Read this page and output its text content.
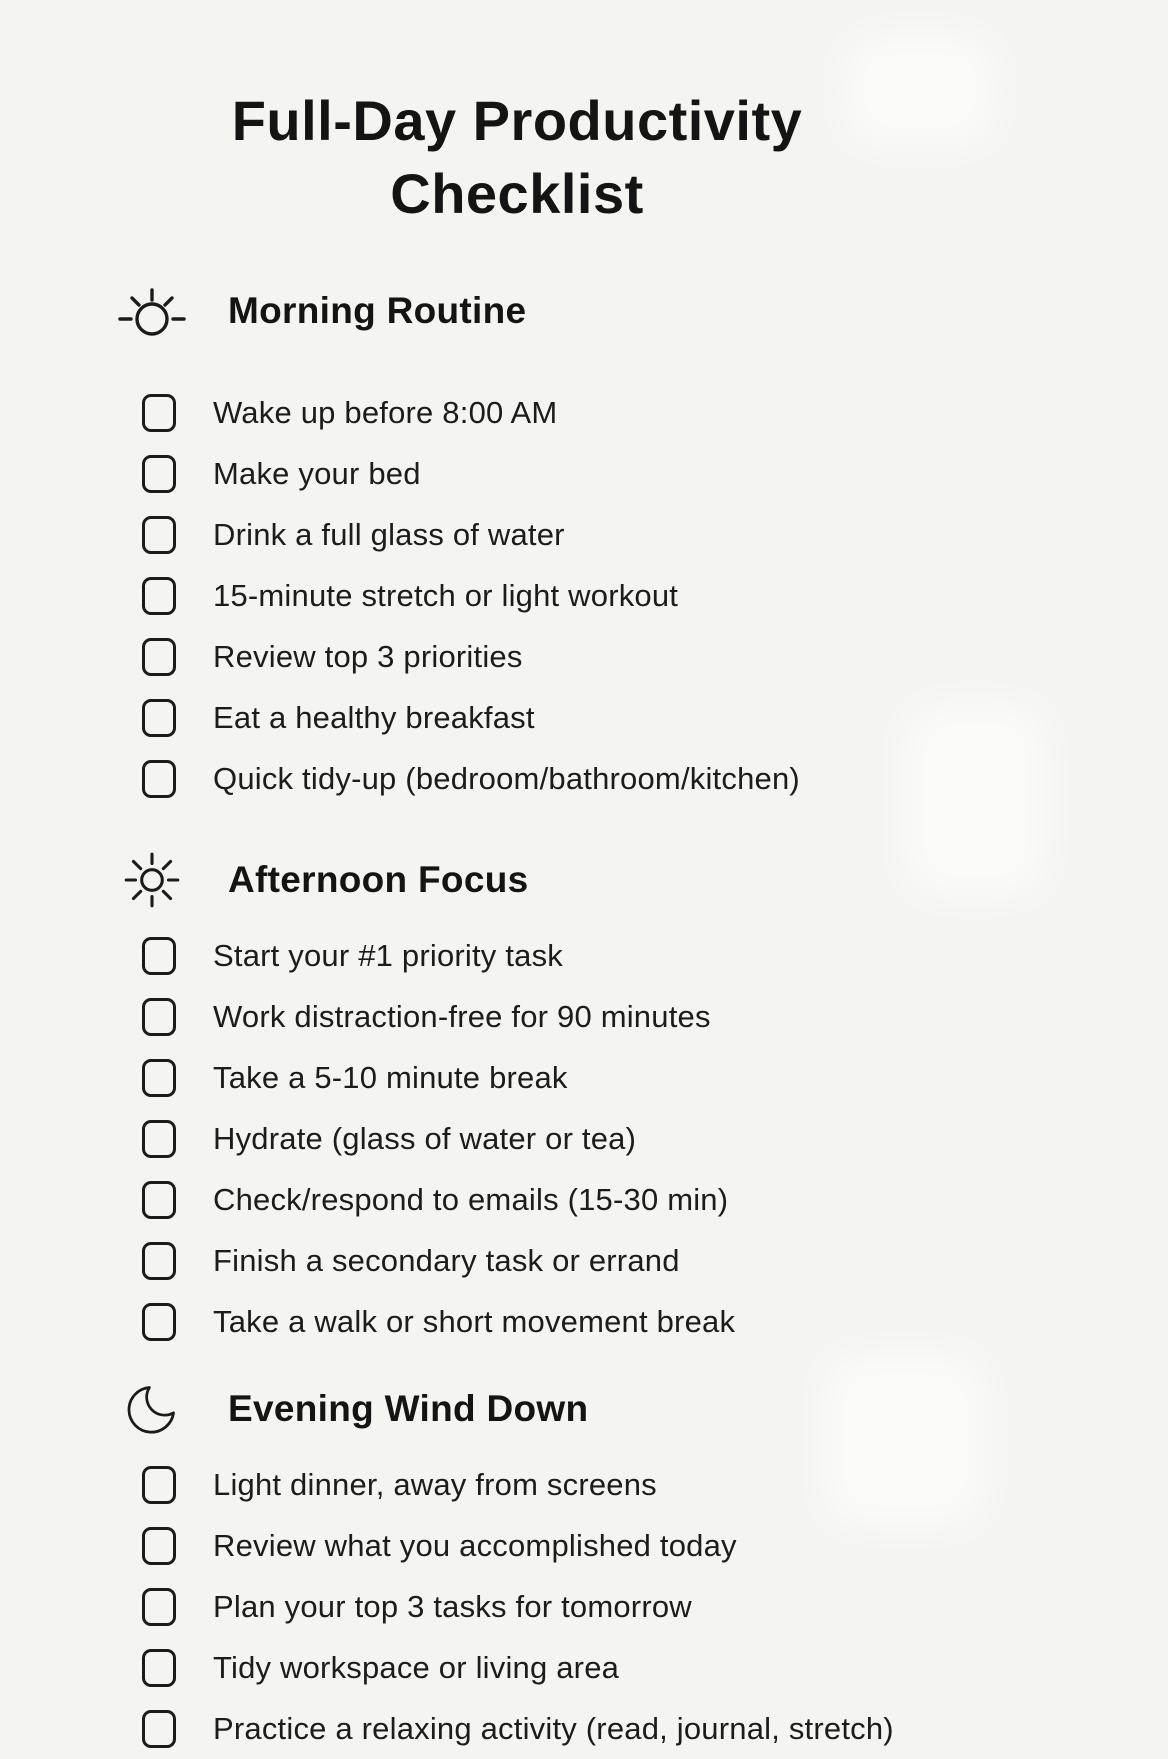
Full-Day Productivity
Checklist
Morning Routine
Wake up before 8:00 AM
Make your bed
Drink a full glass of water
15-minute stretch or light workout
Review top 3 priorities
Eat a healthy breakfast
Quick tidy-up (bedroom/bathroom/kitchen)
Afternoon Focus
Start your #1 priority task
Work distraction-free for 90 minutes
Take a 5-10 minute break
Hydrate (glass of water or tea)
Check/respond to emails (15-30 min)
Finish a secondary task or errand
Take a walk or short movement break
Evening Wind Down
Light dinner, away from screens
Review what you accomplished today
Plan your top 3 tasks for tomorrow
Tidy workspace or living area
Practice a relaxing activity (read, journal, stretch)
